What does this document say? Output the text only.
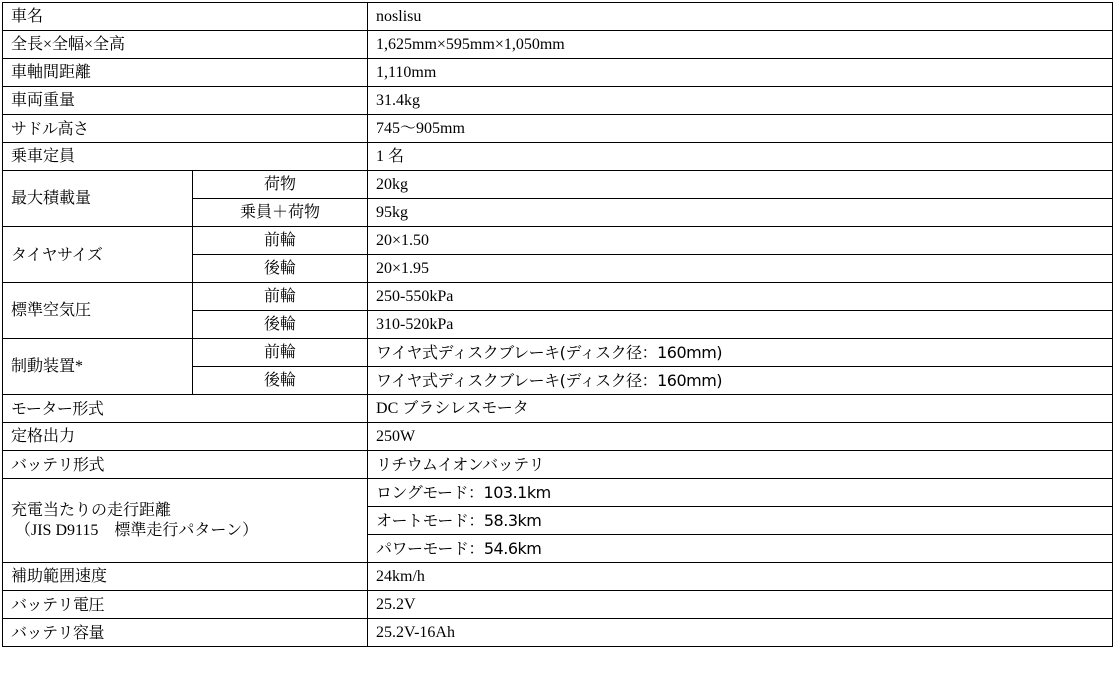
車名		noslisu
全長×全幅×全高		1,625mm×595mm×1,050mm
車軸間距離		1,110mm
車両重量		31.4kg
サドル高さ		745〜905mm
乗車定員		1 名
最大積載量	荷物	20kg
	乗員＋荷物	95kg
タイヤサイズ	前輪	20×1.50
	後輪	20×1.95
標準空気圧	前輪	250-550kPa
	後輪	310-520kPa
制動装置*	前輪	ワイヤ式ディスクブレーキ(ディスク径：160mm)
	後輪	ワイヤ式ディスクブレーキ(ディスク径：160mm)
モーター形式		DC ブラシレスモータ
定格出力		250W
バッテリ形式		リチウムイオンバッテリ

充電当たりの走行距離
（JIS D9115　標準走行パターン）		ロングモード：103.1km
		オートモード：58.3km
		パワーモード：54.6km
補助範囲速度		24km/h
バッテリ電圧		25.2V
バッテリ容量		25.2V-16Ah
